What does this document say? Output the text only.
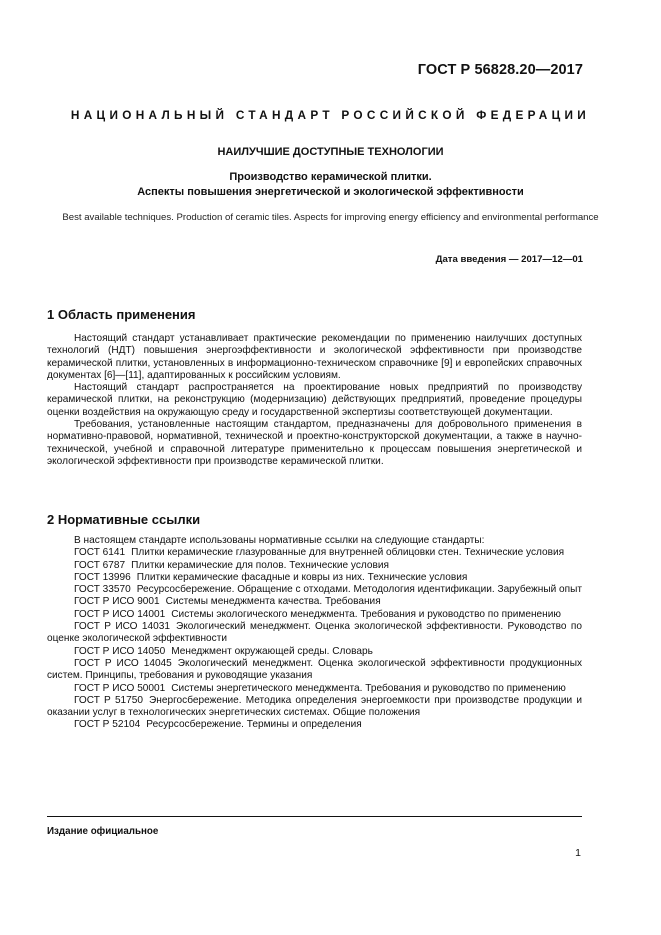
ГОСТ Р 56828.20—2017
НАЦИОНАЛЬНЫЙ СТАНДАРТ РОССИЙСКОЙ ФЕДЕРАЦИИ
НАИЛУЧШИЕ ДОСТУПНЫЕ ТЕХНОЛОГИИ
Производство керамической плитки.
Аспекты повышения энергетической и экологической эффективности
Best available techniques. Production of ceramic tiles. Aspects for improving energy efficiency and environmental performance
Дата введения — 2017—12—01
1 Область применения

Настоящий стандарт устанавливает практические рекомендации по применению наилучших доступных технологий (НДТ) повышения энергоэффективности и экологической эффективности при производстве керамической плитки, установленных в информационно-техническом справочнике [9] и европейских справочных документах [6]—[11], адаптированных к российским условиям.

Настоящий стандарт распространяется на проектирование новых предприятий по производству керамической плитки, на реконструкцию (модернизацию) действующих предприятий, проведение процедуры оценки воздействия на окружающую среду и государственной экспертизы соответствующей документации.

Требования, установленные настоящим стандартом, предназначены для добровольного применения в нормативно-правовой, нормативной, технической и проектно-конструкторской документации, а также в научно-технической, учебной и справочной литературе применительно к процессам повышения энергетической и экологической эффективности при производстве керамической плитки.

2 Нормативные ссылки

В настоящем стандарте использованы нормативные ссылки на следующие стандарты:

ГОСТ 6141 Плитки керамические глазурованные для внутренней облицовки стен. Технические условия

ГОСТ 6787 Плитки керамические для полов. Технические условия

ГОСТ 13996 Плитки керамические фасадные и ковры из них. Технические условия

ГОСТ 33570 Ресурсосбережение. Обращение с отходами. Методология идентификации. Зарубежный опыт

ГОСТ Р ИСО 9001 Системы менеджмента качества. Требования

ГОСТ Р ИСО 14001 Системы экологического менеджмента. Требования и руководство по применению

ГОСТ Р ИСО 14031 Экологический менеджмент. Оценка экологической эффективности. Руководство по оценке экологической эффективности

ГОСТ Р ИСО 14050 Менеджмент окружающей среды. Словарь

ГОСТ Р ИСО 14045 Экологический менеджмент. Оценка экологической эффективности продукционных систем. Принципы, требования и руководящие указания

ГОСТ Р ИСО 50001 Системы энергетического менеджмента. Требования и руководство по применению

ГОСТ Р 51750 Энергосбережение. Методика определения энергоемкости при производстве продукции и оказании услуг в технологических энергетических системах. Общие положения

ГОСТ Р 52104 Ресурсосбережение. Термины и определения

Издание официальное
1
